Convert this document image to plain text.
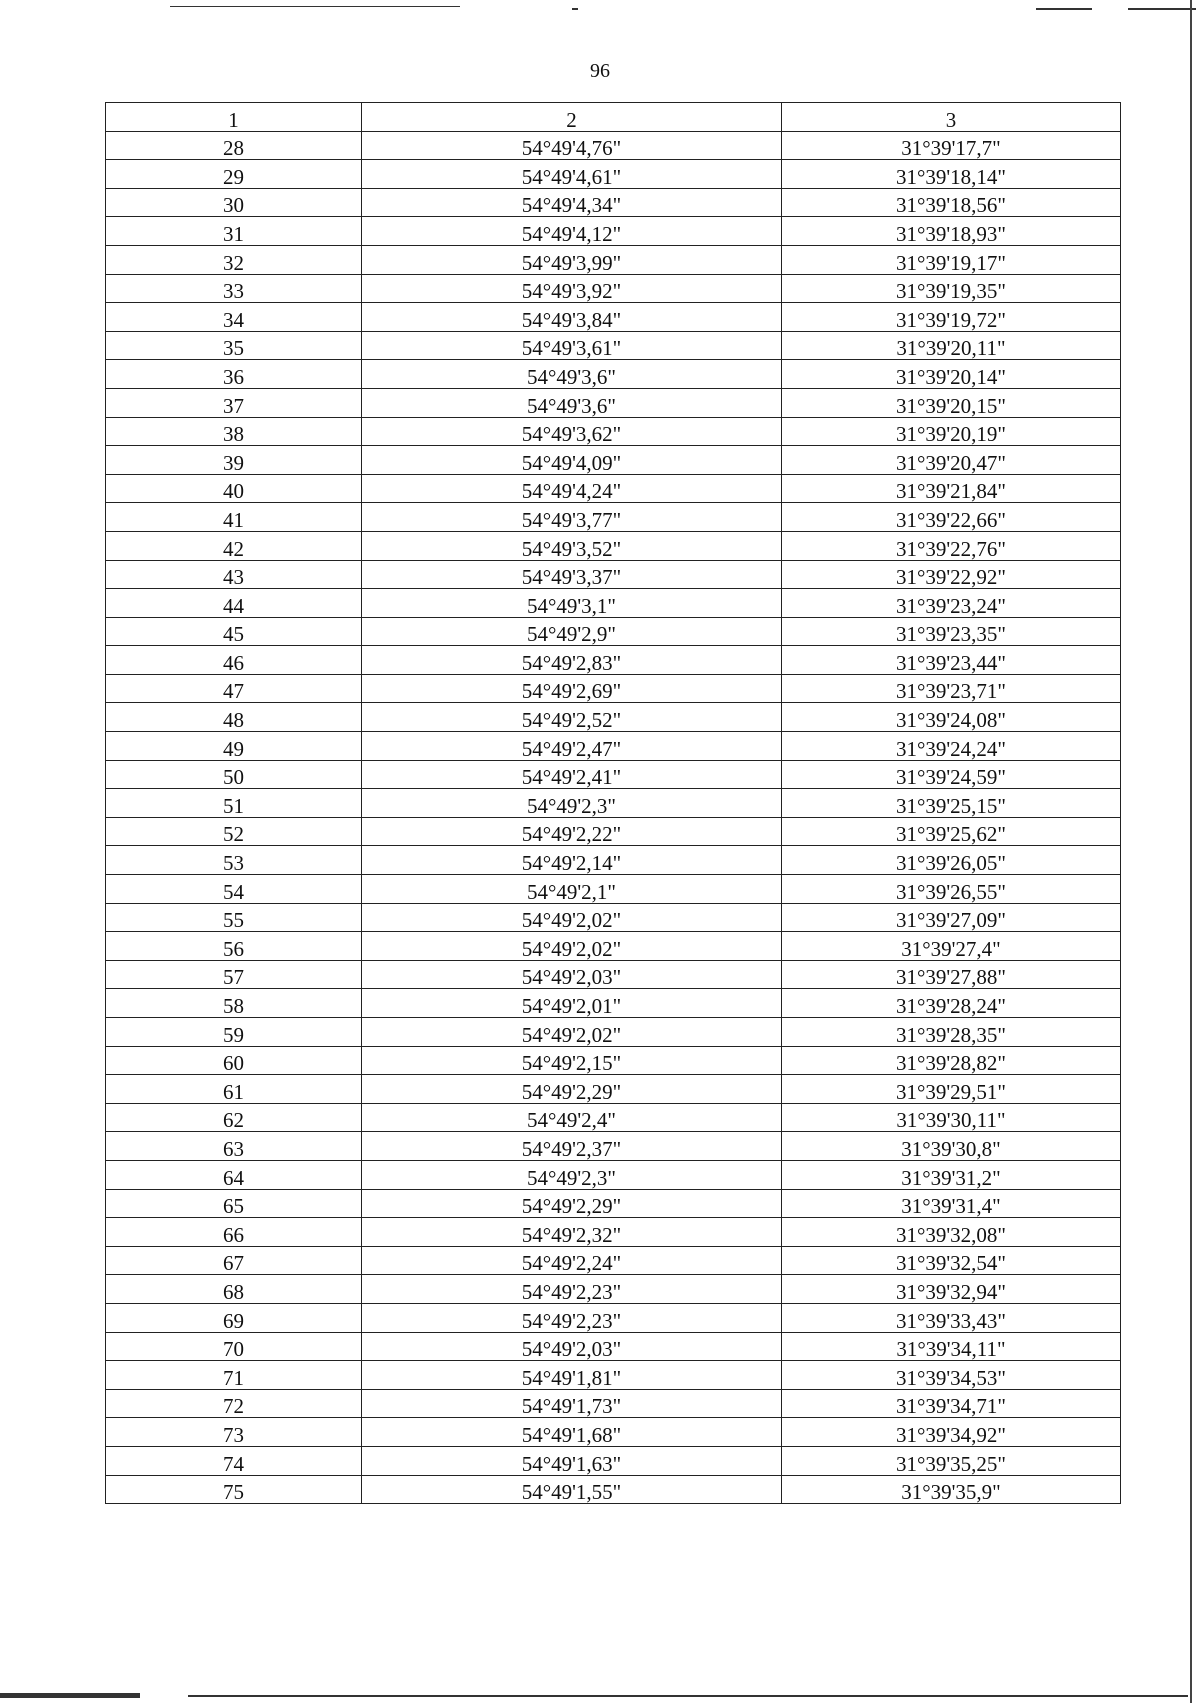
96
1	2	3
28	54°49'4,76"	31°39'17,7"
29	54°49'4,61"	31°39'18,14"
30	54°49'4,34"	31°39'18,56"
31	54°49'4,12"	31°39'18,93"
32	54°49'3,99"	31°39'19,17"
33	54°49'3,92"	31°39'19,35"
34	54°49'3,84"	31°39'19,72"
35	54°49'3,61"	31°39'20,11"
36	54°49'3,6"	31°39'20,14"
37	54°49'3,6"	31°39'20,15"
38	54°49'3,62"	31°39'20,19"
39	54°49'4,09"	31°39'20,47"
40	54°49'4,24"	31°39'21,84"
41	54°49'3,77"	31°39'22,66"
42	54°49'3,52"	31°39'22,76"
43	54°49'3,37"	31°39'22,92"
44	54°49'3,1"	31°39'23,24"
45	54°49'2,9"	31°39'23,35"
46	54°49'2,83"	31°39'23,44"
47	54°49'2,69"	31°39'23,71"
48	54°49'2,52"	31°39'24,08"
49	54°49'2,47"	31°39'24,24"
50	54°49'2,41"	31°39'24,59"
51	54°49'2,3"	31°39'25,15"
52	54°49'2,22"	31°39'25,62"
53	54°49'2,14"	31°39'26,05"
54	54°49'2,1"	31°39'26,55"
55	54°49'2,02"	31°39'27,09"
56	54°49'2,02"	31°39'27,4"
57	54°49'2,03"	31°39'27,88"
58	54°49'2,01"	31°39'28,24"
59	54°49'2,02"	31°39'28,35"
60	54°49'2,15"	31°39'28,82"
61	54°49'2,29"	31°39'29,51"
62	54°49'2,4"	31°39'30,11"
63	54°49'2,37"	31°39'30,8"
64	54°49'2,3"	31°39'31,2"
65	54°49'2,29"	31°39'31,4"
66	54°49'2,32"	31°39'32,08"
67	54°49'2,24"	31°39'32,54"
68	54°49'2,23"	31°39'32,94"
69	54°49'2,23"	31°39'33,43"
70	54°49'2,03"	31°39'34,11"
71	54°49'1,81"	31°39'34,53"
72	54°49'1,73"	31°39'34,71"
73	54°49'1,68"	31°39'34,92"
74	54°49'1,63"	31°39'35,25"
75	54°49'1,55"	31°39'35,9"
